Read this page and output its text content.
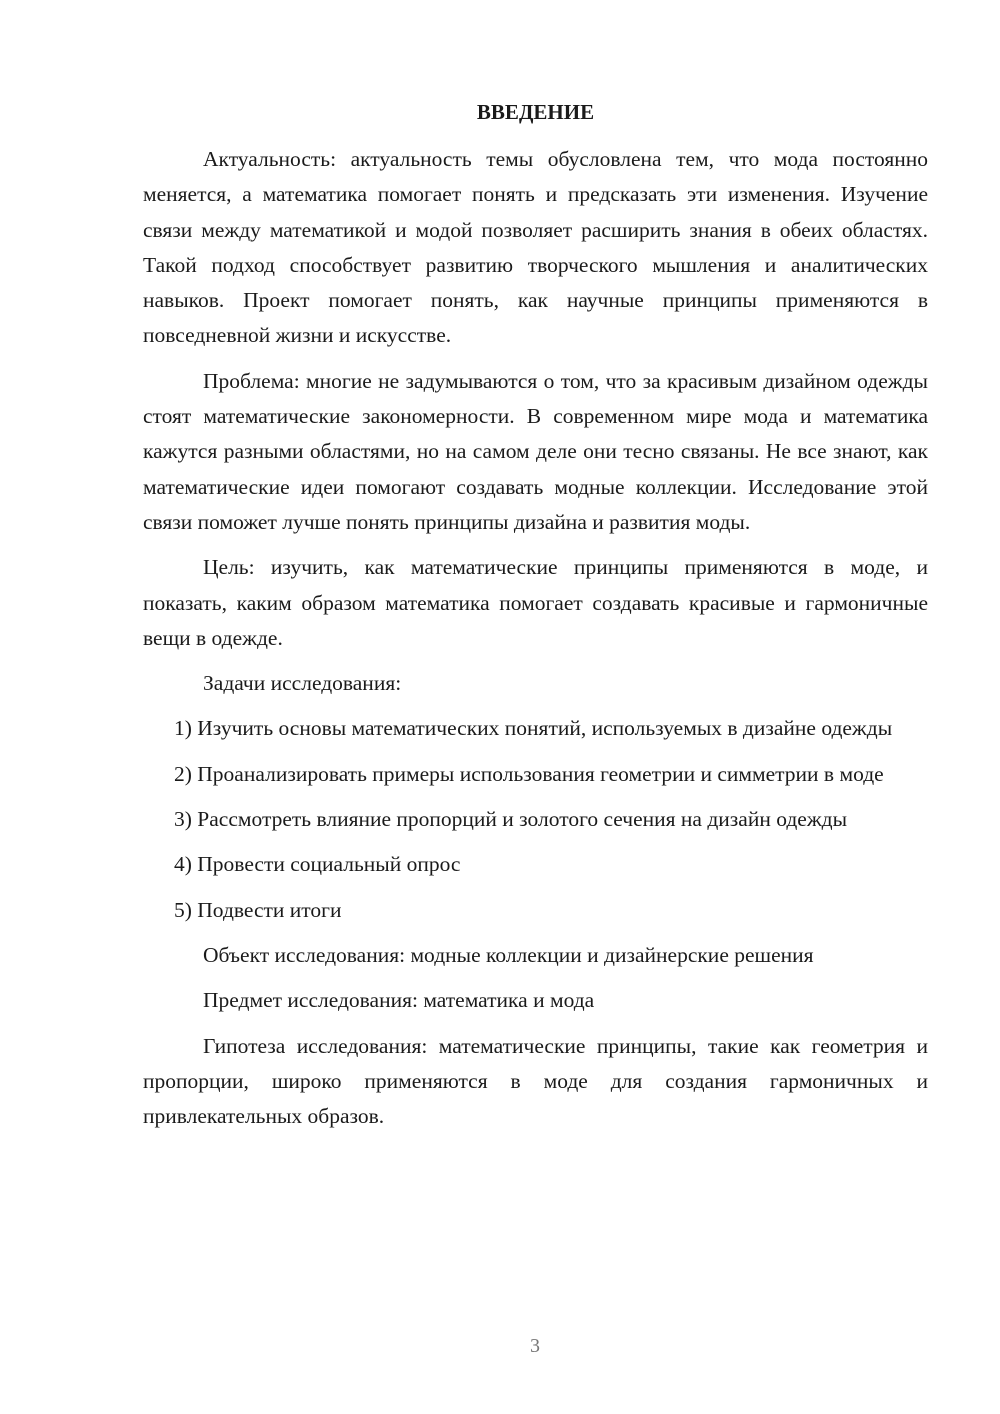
ВВЕДЕНИЕ

Актуальность: актуальность темы обусловлена тем, что мода постоянно меняется, а математика помогает понять и предсказать эти изменения. Изучение связи между математикой и модой позволяет расширить знания в обеих областях. Такой подход способствует развитию творческого мышления и аналитических навыков. Проект помогает понять, как научные принципы применяются в повседневной жизни и искусстве.

Проблема: многие не задумываются о том, что за красивым дизайном одежды стоят математические закономерности. В современном мире мода и математика кажутся разными областями, но на самом деле они тесно связаны. Не все знают, как математические идеи помогают создавать модные коллекции. Исследование этой связи поможет лучше понять принципы дизайна и развития моды.

Цель: изучить, как математические принципы применяются в моде, и показать, каким образом математика помогает создавать красивые и гармоничные вещи в одежде.

Задачи исследования:

1) Изучить основы математических понятий, используемых в дизайне одежды

2) Проанализировать примеры использования геометрии и симметрии в моде

3) Рассмотреть влияние пропорций и золотого сечения на дизайн одежды

4) Провести социальный опрос

5) Подвести итоги

Объект исследования: модные коллекции и дизайнерские решения

Предмет исследования: математика и мода

Гипотеза исследования: математические принципы, такие как геометрия и пропорции, широко применяются в моде для создания гармоничных и привлекательных образов.

3
